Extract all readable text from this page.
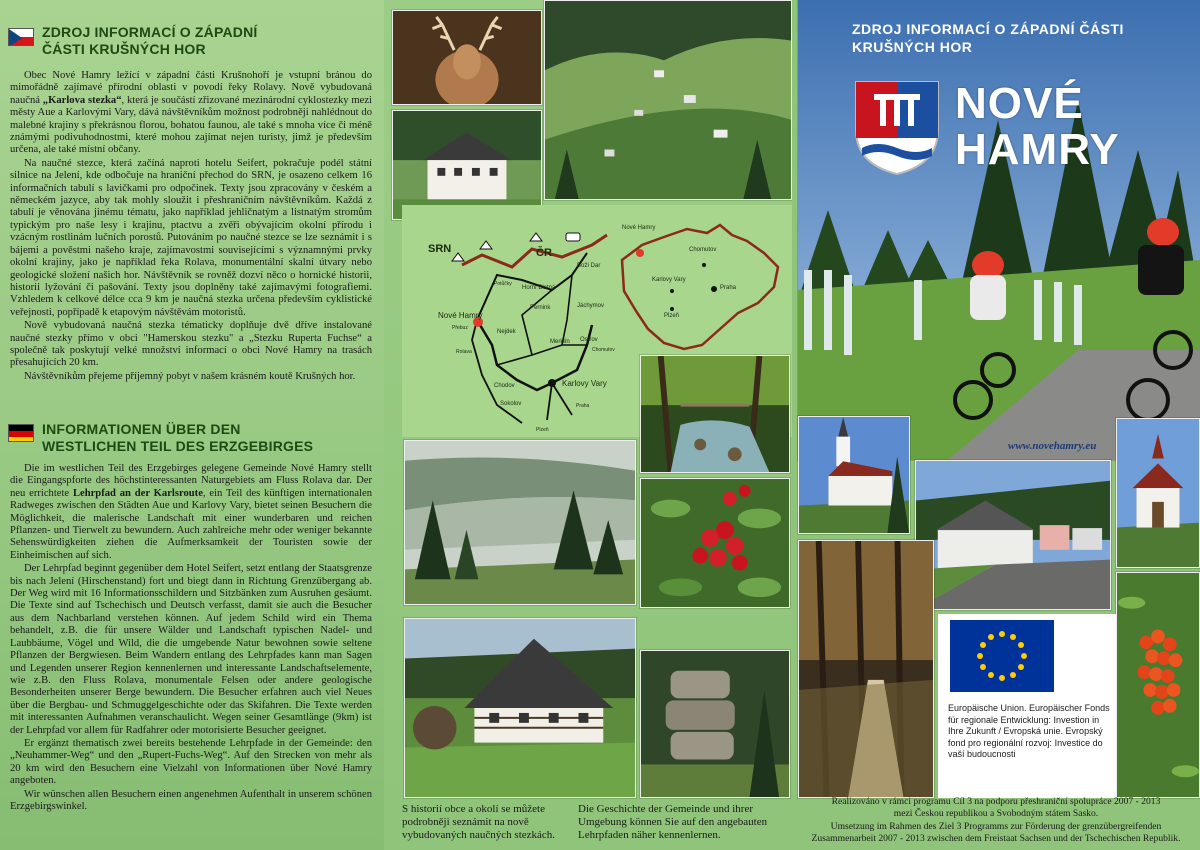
ZDROJ INFORMACÍ O ZÁPADNÍ
ČÁSTI KRUŠNÝCH HOR

Obec Nové Hamry ležící v západní části Krušnohoří je vstupní bránou do mimořádně zajímavé přírodní oblasti v povodí řeky Rolavy. Nově vybudovaná naučná „Karlova stezka“, která je součástí zřizované mezinárodní cyklostezky mezi městy Aue a Karlovými Vary, dává návštěvníkům možnost podrobněji nahlédnout do malebné krajiny s překrásnou florou, bohatou faunou, ale také s mnoha více či méně známými podivuhodnostmi, které mohou zajímat nejen turisty, jimž je především určena, ale také místní občany.

Na naučné stezce, která začíná naproti hotelu Seifert, pokračuje podél státní silnice na Jelení, kde odbočuje na hraniční přechod do SRN, je osazeno celkem 16 informačních tabulí s lavičkami pro odpočinek. Texty jsou zpracovány v českém a německém jazyce, aby tak mohly sloužit i přeshraničním návštěvníkům. Každá z tabulí je věnována jinému tématu, jako například jehličnatým a listnatým stromům typickým pro naše lesy i krajinu, ptactvu a zvěři obývajícím okolní přírodu i vzácným rostlinám lučních porostů. Putováním po naučné stezce se lze seznámit i s bájemi a pověstmi našeho kraje, zajímavostmi souvisejícími s významnými prvky okolní krajiny, jako je například řeka Rolava, monumentální skalní útvary nebo geologické složení našich hor. Návštěvník se rovněž dozví něco o hornické historii, historii lyžování či pašování. Texty jsou doplněny také zajímavými fotografiemi. Vzhledem k celkové délce cca 9 km je naučná stezka určena především cyklistické veřejnosti, popřípadě k etapovým návštěvám motoristů.

Nově vybudovaná naučná stezka tématicky doplňuje dvě dříve instalované naučné stezky přímo v obci "Hamerskou stezku" a „Stezku Ruperta Fuchse“ a společně tak poskytují velké množství informací o obci Nové Hamry na trasách přesahujících 20 km.

Návštěvníkům přejeme příjemný pobyt v našem krásném koutě Krušných hor.

INFORMATIONEN ÜBER DEN
WESTLICHEN TEIL DES ERZGEBIRGES

Die im westlichen Teil des Erzgebirges gelegene Gemeinde Nové Hamry stellt die Eingangspforte des höchstinteressanten Naturgebiets am Fluss Rolava dar. Der neu errichtete Lehrpfad an der Karlsroute, ein Teil des künftigen internationalen Radweges zwischen den Städten Aue und Karlovy Vary, bietet seinen Besuchern die Möglichkeit, die malerische Landschaft mit einer wunderbaren und reichen Pflanzen- und Tierwelt zu bewundern. Auch zahlreiche mehr oder weniger bekannte Sehenswürdigkeiten ziehen die Aufmerksamkeit der Touristen sowie der Einheimischen auf sich.

Der Lehrpfad beginnt gegenüber dem Hotel Seifert, setzt entlang der Staatsgrenze bis nach Jelení (Hirschenstand) fort und biegt dann in Richtung Grenzübergang ab. Der Weg wird mit 16 Informationsschildern und Sitzbänken zum Ausruhen gesäumt. Die Texte sind auf Tschechisch und Deutsch verfasst, damit sie auch die Besucher aus dem Nachbarland verstehen können. Auf jedem Schild wird ein Thema behandelt, z.B. die für unsere Wälder und Landschaft typischen Nadel- und Laubbäume, Vögel und Wild, die die umgebende Natur bewohnen sowie seltene Pflanzen der Bergwiesen. Beim Wandern entlang des Lehrpfades kann man Sagen und Legenden unserer Region kennenlernen und interessante Landschaftselemente, wie z.B. den Fluss Rolava, monumentale Felsen oder andere geologische Besonderheiten unserer Berge bewundern. Die Besucher erfahren auch viel Neues über die Bergbau- und Schmuggelgeschichte oder das Skifahren. Die Texte werden mit interessanten Aufnahmen veranschaulicht. Wegen seiner Gesamtlänge (9km) ist der Lehrpfad vor allem für Radfahrer oder motorisierte Besucher geeignet.

Er ergänzt thematisch zwei bereits bestehende Lehrpfade in der Gemeinde: den „Neuhammer-Weg“ und den „Rupert-Fuchs-Weg“. Auf den Strecken von mehr als 20 km wird den Besuchern eine Vielzahl von Informationen über Nové Hamry angeboten.

Wir wünschen allen Besuchern einen angenehmen Aufenthalt in unserem schönen Erzgebirgswinkel.

SRN	ČR
Nové Hamry
Potůčky
Boží Dar
Horní Blatná
Pernink	Jáchymov
Nejdek
Merklín Ostrov
Chomutov
Karlovy Vary
Chodov
Sokolov	Praha
Plzeň
Rotava
Přebuz
Nové Hamry
Chomutov
Karlovy Vary
Praha
Plzeň
S historií obce a okolí se můžete podrobněji seznámit na nově vybudovaných naučných stezkách.
Die Geschichte der Gemeinde und ihrer Umgebung können Sie auf den angebauten Lehrpfaden näher kennenlernen.
ZDROJ INFORMACÍ O ZÁPADNÍ ČÁSTI
KRUŠNÝCH HOR
NOVÉ
HAMRY
www.novehamry.eu
Europäische Union. Europäischer Fonds für regionale Entwicklung: Investion in Ihre Zukunft / Evropská unie. Evropský fond pro regionální rozvoj: Investice do vaší budoucnosti
Realizováno v rámci programu Cíl 3 na podporu přeshraniční spolupráce 2007 - 2013
mezi Českou republikou a Svobodným státem Sasko.
Umsetzung im Rahmen des Ziel 3 Programms zur Förderung der grenzübergreifenden Zusammenarbeit 2007 - 2013 zwischen dem Freistaat Sachsen und der Tschechischen Republik.
